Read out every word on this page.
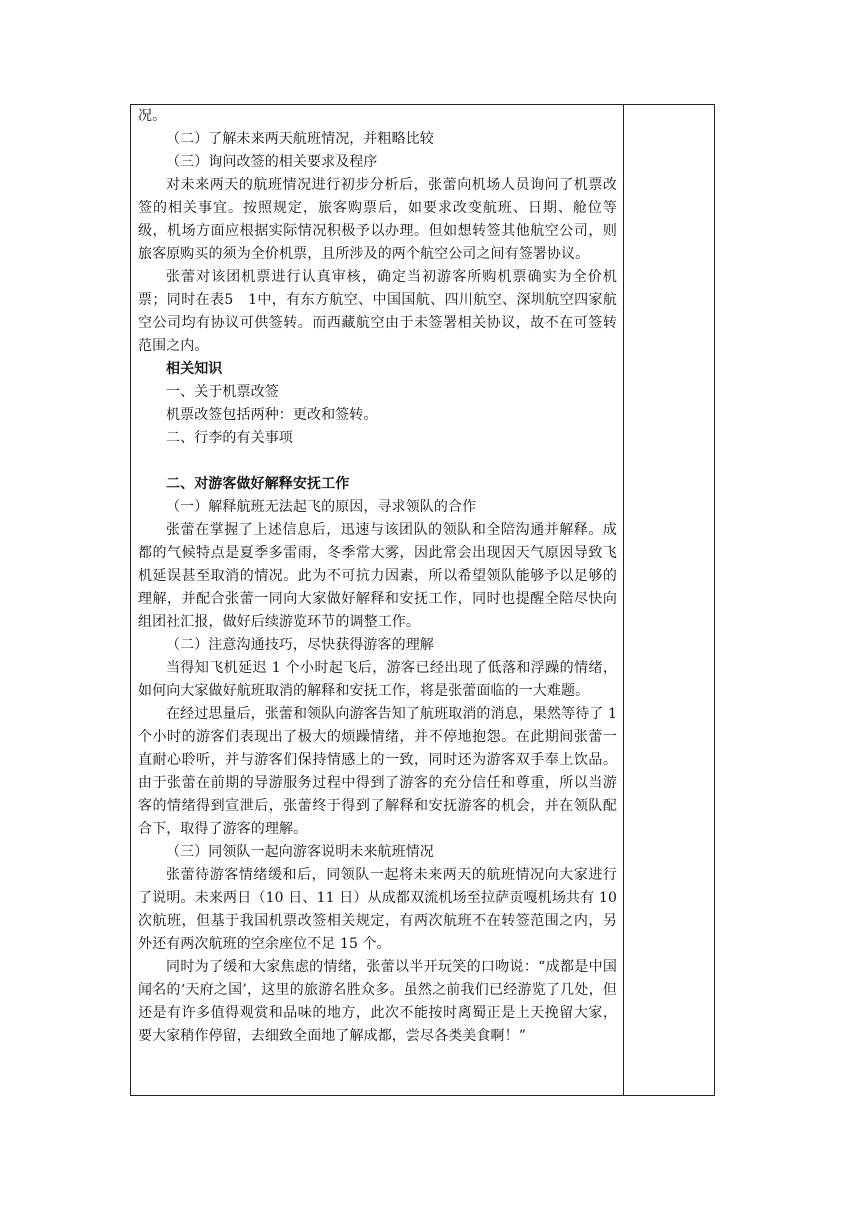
况。

（二）了解未来两天航班情况，并粗略比较

（三）询问改签的相关要求及程序

对未来两天的航班情况进行初步分析后，张蕾向机场人员询问了机票改签的相关事宜。按照规定，旅客购票后，如要求改变航班、日期、舱位等级，机场方面应根据实际情况积极予以办理。但如想转签其他航空公司，则旅客原购买的须为全价机票，且所涉及的两个航空公司之间有签署协议。

张蕾对该团机票进行认真审核，确定当初游客所购机票确实为全价机票；同时在表5　1中，有东方航空、中国国航、四川航空、深圳航空四家航空公司均有协议可供签转。而西藏航空由于未签署相关协议，故不在可签转范围之内。

相关知识

一、关于机票改签

机票改签包括两种：更改和签转。

二、行李的有关事项

二、对游客做好解释安抚工作

（一）解释航班无法起飞的原因，寻求领队的合作

张蕾在掌握了上述信息后，迅速与该团队的领队和全陪沟通并解释。成都的气候特点是夏季多雷雨，冬季常大雾，因此常会出现因天气原因导致飞机延误甚至取消的情况。此为不可抗力因素，所以希望领队能够予以足够的理解，并配合张蕾一同向大家做好解释和安抚工作，同时也提醒全陪尽快向组团社汇报，做好后续游览环节的调整工作。

（二）注意沟通技巧，尽快获得游客的理解

当得知飞机延迟 1 个小时起飞后，游客已经出现了低落和浮躁的情绪，如何向大家做好航班取消的解释和安抚工作，将是张蕾面临的一大难题。

在经过思量后，张蕾和领队向游客告知了航班取消的消息，果然等待了 1 个小时的游客们表现出了极大的烦躁情绪，并不停地抱怨。在此期间张蕾一直耐心聆听，并与游客们保持情感上的一致，同时还为游客双手奉上饮品。由于张蕾在前期的导游服务过程中得到了游客的充分信任和尊重，所以当游客的情绪得到宣泄后，张蕾终于得到了解释和安抚游客的机会，并在领队配合下，取得了游客的理解。

（三）同领队一起向游客说明未来航班情况

张蕾待游客情绪缓和后，同领队一起将未来两天的航班情况向大家进行了说明。未来两日（10 日、11 日）从成都双流机场至拉萨贡嘎机场共有 10 次航班，但基于我国机票改签相关规定，有两次航班不在转签范围之内，另外还有两次航班的空余座位不足 15 个。

同时为了缓和大家焦虑的情绪，张蕾以半开玩笑的口吻说：“成都是中国闻名的‘天府之国’，这里的旅游名胜众多。虽然之前我们已经游览了几处，但还是有许多值得观赏和品味的地方，此次不能按时离蜀正是上天挽留大家，要大家稍作停留，去细致全面地了解成都，尝尽各类美食啊！”
